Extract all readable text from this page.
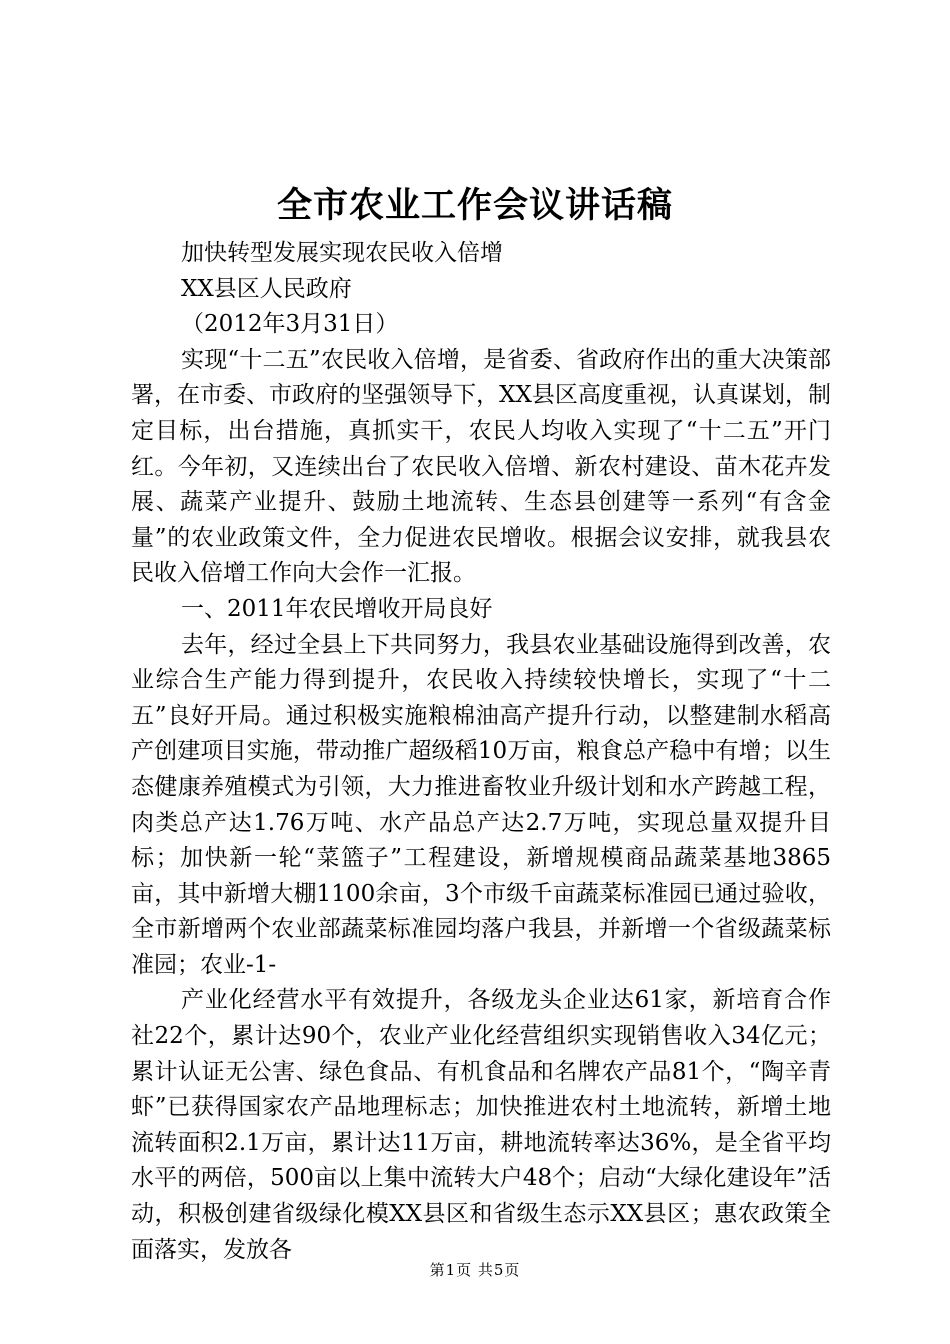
全市农业工作会议讲话稿

加快转型发展实现农民收入倍增

XX县区人民政府

（2012年3月31日）

实现“十二五”农民收入倍增，是省委、省政府作出的重大决策部署，在市委、市政府的坚强领导下，XX县区高度重视，认真谋划，制定目标，出台措施，真抓实干，农民人均收入实现了“十二五”开门红。今年初，又连续出台了农民收入倍增、新农村建设、苗木花卉发展、蔬菜产业提升、鼓励土地流转、生态县创建等一系列“有含金量”的农业政策文件，全力促进农民增收。根据会议安排，就我县农民收入倍增工作向大会作一汇报。

一、2011年农民增收开局良好

去年，经过全县上下共同努力，我县农业基础设施得到改善，农业综合生产能力得到提升，农民收入持续较快增长，实现了“十二五”良好开局。通过积极实施粮棉油高产提升行动，以整建制水稻高产创建项目实施，带动推广超级稻10万亩，粮食总产稳中有增；以生态健康养殖模式为引领，大力推进畜牧业升级计划和水产跨越工程，肉类总产达1.76万吨、水产品总产达2.7万吨，实现总量双提升目标；加快新一轮“菜篮子”工程建设，新增规模商品蔬菜基地3865亩，其中新增大棚1100余亩，3个市级千亩蔬菜标准园已通过验收，全市新增两个农业部蔬菜标准园均落户我县，并新增一个省级蔬菜标准园；农业-1-

产业化经营水平有效提升，各级龙头企业达61家，新培育合作社22个，累计达90个，农业产业化经营组织实现销售收入34亿元；累计认证无公害、绿色食品、有机食品和名牌农产品81个，“陶辛青虾”已获得国家农产品地理标志；加快推进农村土地流转，新增土地流转面积2.1万亩，累计达11万亩，耕地流转率达36%，是全省平均水平的两倍，500亩以上集中流转大户48个；启动“大绿化建设年”活动，积极创建省级绿化模XX县区和省级生态示XX县区；惠农政策全面落实，发放各

第1页 共5页
